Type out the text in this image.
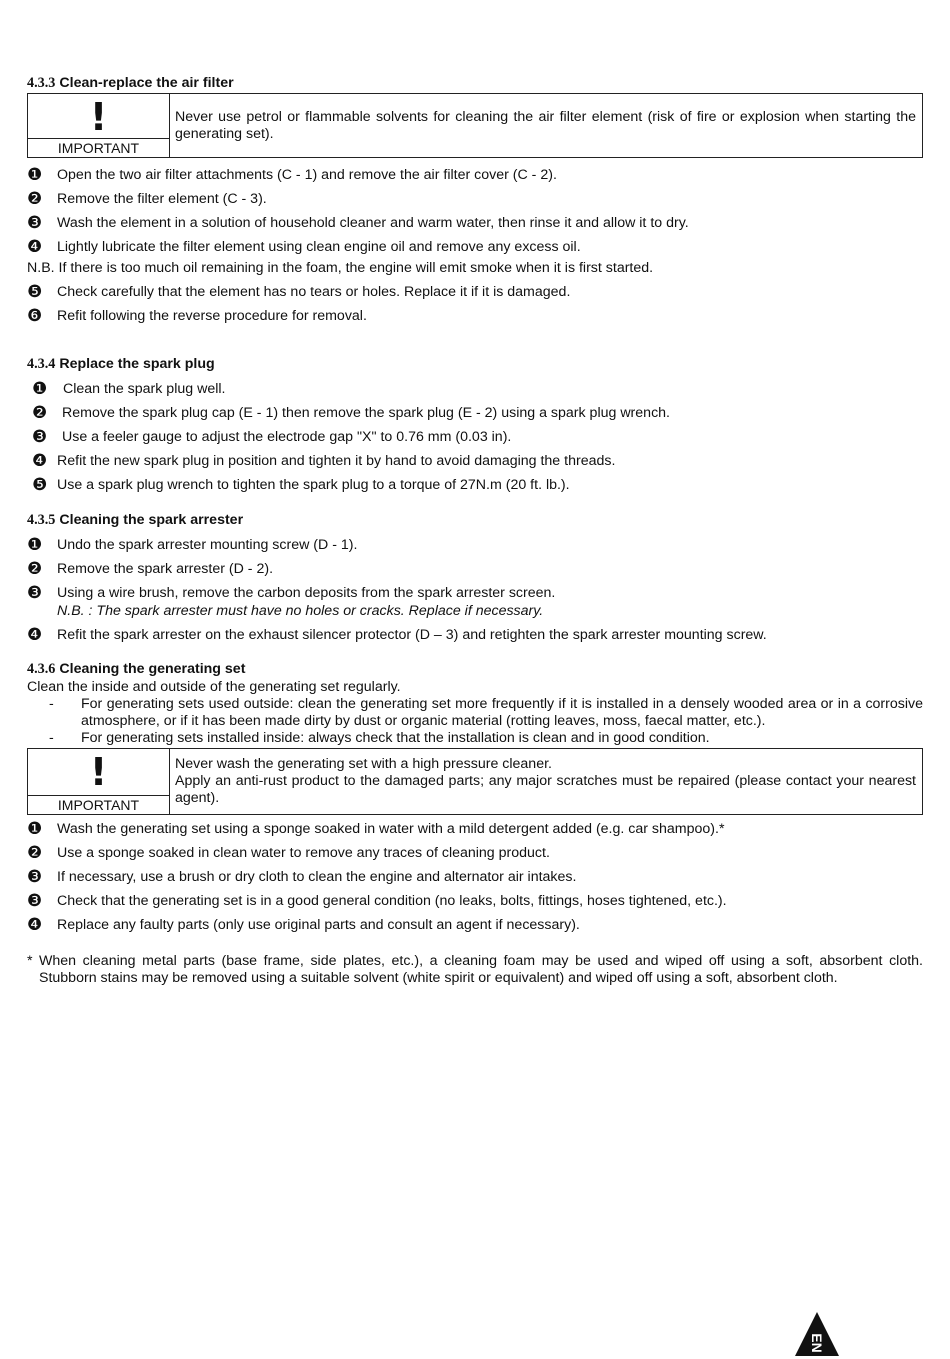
4.3.3 Clean-replace the air filter
!
IMPORTANT
Never use petrol or flammable solvents for cleaning the air filter element (risk of fire or explosion when starting the generating set).
❶	Open the two air filter attachments (C - 1) and remove the air filter cover (C - 2).
❷	Remove the filter element (C - 3).
❸	Wash the element in a solution of household cleaner and warm water, then rinse it and allow it to dry.
❹	Lightly lubricate the filter element using clean engine oil and remove any excess oil.
N.B. If there is too much oil remaining in the foam, the engine will emit smoke when it is first started.
❺	Check carefully that the element has no tears or holes. Replace it if it is damaged.
❻	Refit following the reverse procedure for removal.
4.3.4 Replace the spark plug
❶	Clean the spark plug well.
❷	Remove the spark plug cap (E - 1) then remove the spark plug (E - 2) using a spark plug wrench.
❸	Use a feeler gauge to adjust the electrode gap "X" to 0.76 mm (0.03 in).
❹ Refit the new spark plug in position and tighten it by hand to avoid damaging the threads.
❺ Use a spark plug wrench to tighten the spark plug to a torque of 27N.m (20 ft. lb.).
4.3.5 Cleaning the spark arrester
❶	Undo the spark arrester mounting screw (D - 1).
❷	Remove the spark arrester (D - 2).
❸	Using a wire brush, remove the carbon deposits from the spark arrester screen.
N.B. : The spark arrester must have no holes or cracks. Replace if necessary.
❹	Refit the spark arrester on the exhaust silencer protector (D – 3) and retighten the spark arrester mounting screw.
4.3.6 Cleaning the generating set
Clean the inside and outside of the generating set regularly.
-	For generating sets used outside: clean the generating set more frequently if it is installed in a densely wooded area or in a corrosive atmosphere, or if it has been made dirty by dust or organic material (rotting leaves, moss, faecal matter, etc.).
-	For generating sets installed inside: always check that the installation is clean and in good condition.
!
IMPORTANT
Never wash the generating set with a high pressure cleaner.
Apply an anti-rust product to the damaged parts; any major scratches must be repaired (please contact your nearest agent).
❶	Wash the generating set using a sponge soaked in water with a mild detergent added (e.g. car shampoo).*
❷	Use a sponge soaked in clean water to remove any traces of cleaning product.
❸	If necessary, use a brush or dry cloth to clean the engine and alternator air intakes.
❸	Check that the generating set is in a good general condition (no leaks, bolts, fittings, hoses tightened, etc.).
❹	Replace any faulty parts (only use original parts and consult an agent if necessary).
* When cleaning metal parts (base frame, side plates, etc.), a cleaning foam may be used and wiped off using a soft, absorbent cloth. Stubborn stains may be removed using a suitable solvent (white spirit or equivalent) and wiped off using a soft, absorbent cloth.
EN
